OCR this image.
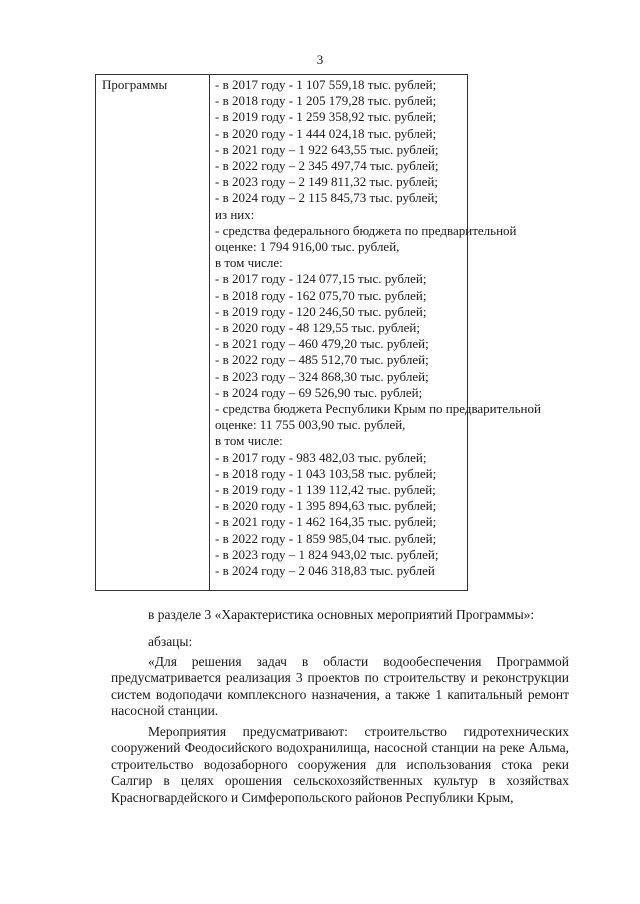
3
Программы	- в 2017 году - 1 107 559,18 тыс. рублей;
- в 2018 году - 1 205 179,28 тыс. рублей;
- в 2019 году - 1 259 358,92 тыс. рублей;
- в 2020 году - 1 444 024,18 тыс. рублей;
- в 2021 году – 1 922 643,55 тыс. рублей;
- в 2022 году – 2 345 497,74 тыс. рублей;
- в 2023 году – 2 149 811,32 тыс. рублей;
- в 2024 году – 2 115 845,73 тыс. рублей;
из них:
- средства федерального бюджета по предварительной
оценке: 1 794 916,00 тыс. рублей,
в том числе:
- в 2017 году - 124 077,15 тыс. рублей;
- в 2018 году - 162 075,70 тыс. рублей;
- в 2019 году - 120 246,50 тыс. рублей;
- в 2020 году - 48 129,55 тыс. рублей;
- в 2021 году – 460 479,20 тыс. рублей;
- в 2022 году – 485 512,70 тыс. рублей;
- в 2023 году – 324 868,30 тыс. рублей;
- в 2024 году – 69 526,90 тыс. рублей;
- средства бюджета Республики Крым по предварительной
оценке: 11 755 003,90 тыс. рублей,
в том числе:
- в 2017 году - 983 482,03 тыс. рублей;
- в 2018 году - 1 043 103,58 тыс. рублей;
- в 2019 году - 1 139 112,42 тыс. рублей;
- в 2020 году - 1 395 894,63 тыс. рублей;
- в 2021 году - 1 462 164,35 тыс. рублей;
- в 2022 году - 1 859 985,04 тыс. рублей;
- в 2023 году – 1 824 943,02 тыс. рублей;
- в 2024 году – 2 046 318,83 тыс. рублей
в разделе 3 «Характеристика основных мероприятий Программы»:
абзацы:

«Для решения задач в области водообеспечения Программой предусматривается реализация 3 проектов по строительству и реконструкции систем водоподачи комплексного назначения, а также 1 капитальный ремонт насосной станции.

Мероприятия предусматривают: строительство гидротехнических сооружений Феодосийского водохранилища, насосной станции на реке Альма, строительство водозаборного сооружения для использования стока реки Салгир в целях орошения сельскохозяйственных культур в хозяйствах Красногвардейского и Симферопольского районов Республики Крым,
